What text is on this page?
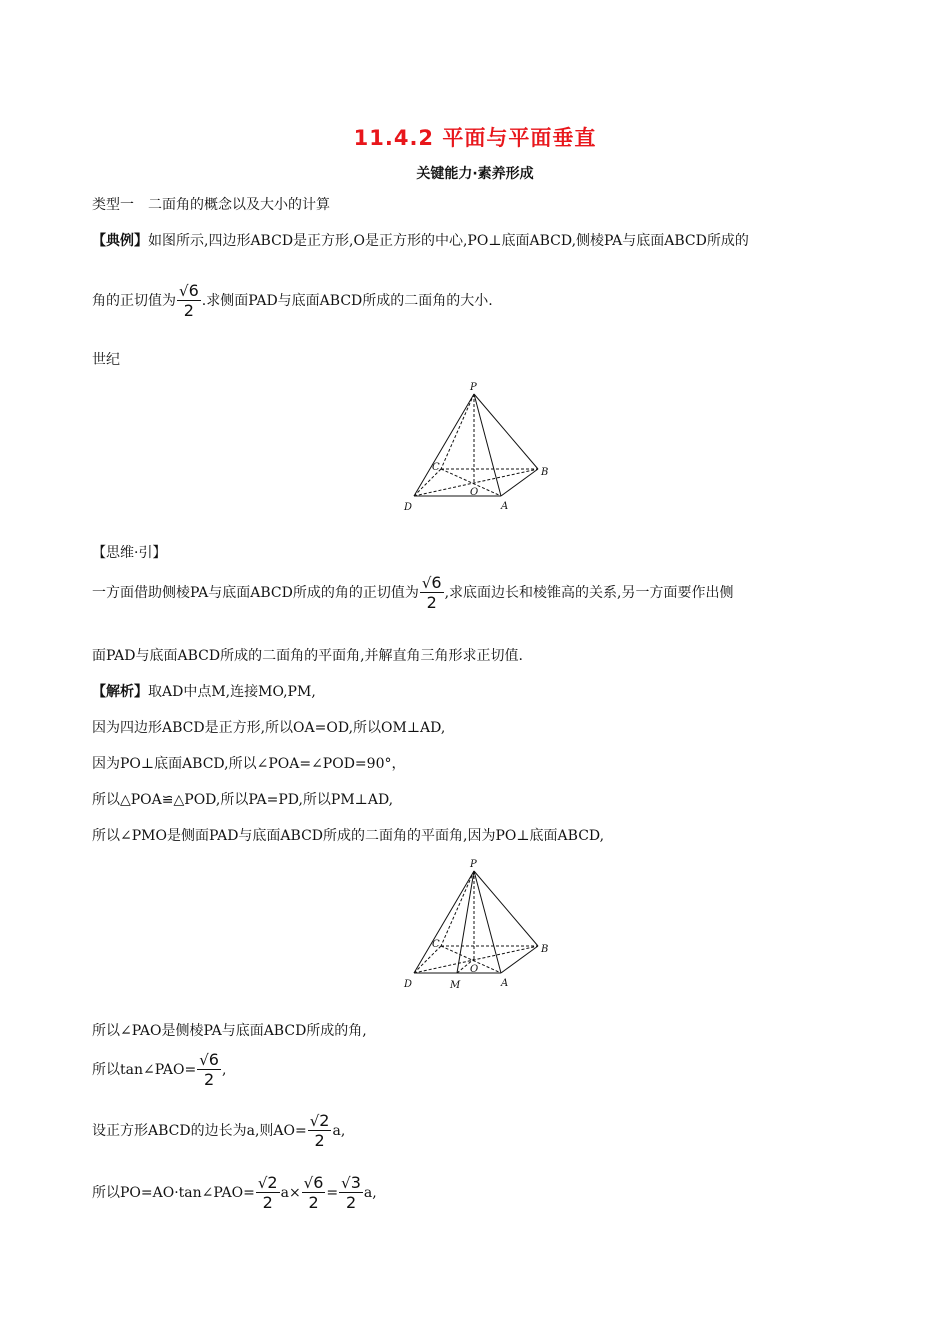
11.4.2 平面与平面垂直
关键能力·素养形成
类型一　二面角的概念以及大小的计算
【典例】如图所示,四边形ABCD是正方形,O是正方形的中心,PO⊥底面ABCD,侧棱PA与底面ABCD所成的
角的正切值为 $\frac{√6}{2}$ .求侧面PAD与底面ABCD所成的二面角的大小.
世纪
P
C	B
D	A
O
【思维·引】
一方面借助侧棱PA与底面ABCD所成的角的正切值为 $\frac{√6}{2}$ ,求底面边长和棱锥高的关系,另一方面要作出侧
面PAD与底面ABCD所成的二面角的平面角,并解直角三角形求正切值.
【解析】取AD中点M,连接MO,PM,
因为四边形ABCD是正方形,所以OA=OD,所以OM⊥AD,
因为PO⊥底面ABCD,所以∠POA=∠POD=90°，
所以△POA≌△POD,所以PA=PD,所以PM⊥AD,
所以∠PMO是侧面PAD与底面ABCD所成的二面角的平面角,因为PO⊥底面ABCD,
P
C	B
D	A
O
M
所以∠PAO是侧棱PA与底面ABCD所成的角,
所以tan∠PAO= $\frac{√6}{2}$ ,
设正方形ABCD的边长为a,则$AO= \frac{√2}{2} a$,
所以PO=AO·tan∠PAO= $\frac{√2}{2} a\times \frac{√6}{2} = \frac{√3}{2} a$,
